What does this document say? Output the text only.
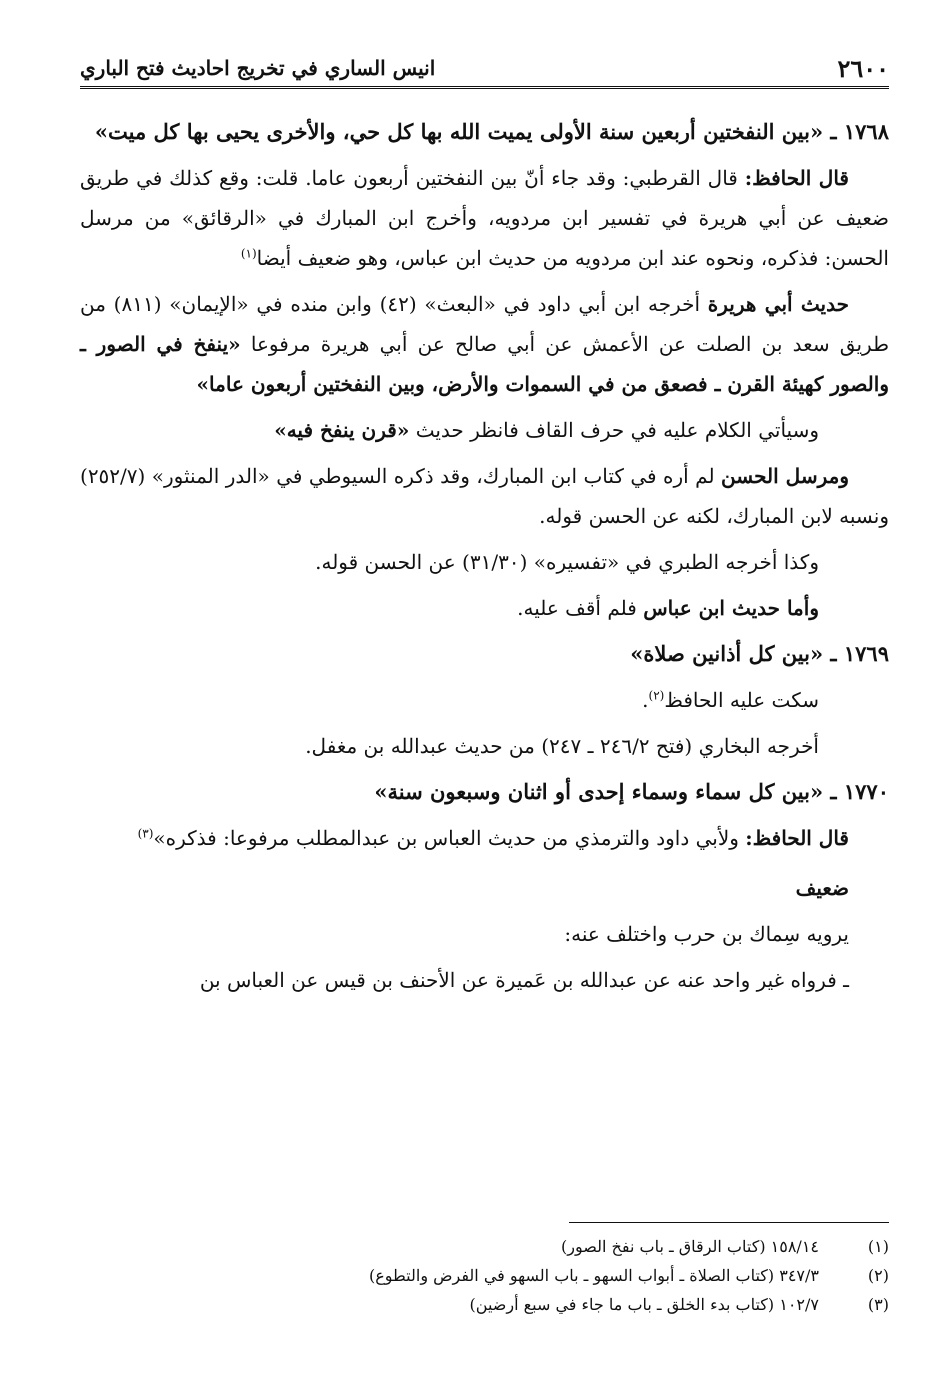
٢٦٠٠
انيس الساري في تخريج احاديث فتح الباري

١٧٦٨ ـ «بين النفختين أربعين سنة الأولى يميت الله بها كل حي، والأخرى يحيى بها كل ميت»

قال الحافظ: قال القرطبي: وقد جاء أنّ بين النفختين أربعون عاما. قلت: وقع كذلك في طريق ضعيف عن أبي هريرة في تفسير ابن مردويه، وأخرج ابن المبارك في «الرقائق» من مرسل الحسن: فذكره، ونحوه عند ابن مردويه من حديث ابن عباس، وهو ضعيف أيضا$^{(١)}$

حديث أبي هريرة أخرجه ابن أبي داود في «البعث» (٤٢) وابن منده في «الإيمان» (٨١١) من طريق سعد بن الصلت عن الأعمش عن أبي صالح عن أبي هريرة مرفوعا «ينفخ في الصور ـ والصور كهيئة القرن ـ فصعق من في السموات والأرض، وبين النفختين أربعون عاما»

وسيأتي الكلام عليه في حرف القاف فانظر حديث «قرن ينفخ فيه»

ومرسل الحسن لم أره في كتاب ابن المبارك، وقد ذكره السيوطي في «الدر المنثور» (٢٥٢/٧) ونسبه لابن المبارك، لكنه عن الحسن قوله.

وكذا أخرجه الطبري في «تفسيره» (٣١/٣٠) عن الحسن قوله.

وأما حديث ابن عباس فلم أقف عليه.

١٧٦٩ ـ «بين كل أذانين صلاة»

سكت عليه الحافظ$^{(٢)}$.

أخرجه البخاري (فتح ٢٤٦/٢ ـ ٢٤٧) من حديث عبدالله بن مغفل.

١٧٧٠ ـ «بين كل سماء وسماء إحدى أو اثنان وسبعون سنة»

قال الحافظ: ولأبي داود والترمذي من حديث العباس بن عبدالمطلب مرفوعا: فذكره»$^{(٣)}$

ضعيف

يرويه سِماك بن حرب واختلف عنه:

ـ فرواه غير واحد عنه عن عبدالله بن عَميرة عن الأحنف بن قيس عن العباس بن

(١)
١٥٨/١٤ (كتاب الرقاق ـ باب نفخ الصور)
(٢)
٣٤٧/٣ (كتاب الصلاة ـ أبواب السهو ـ باب السهو في الفرض والتطوع)
(٣)
١٠٢/٧ (كتاب بدء الخلق ـ باب ما جاء في سبع أرضين)
